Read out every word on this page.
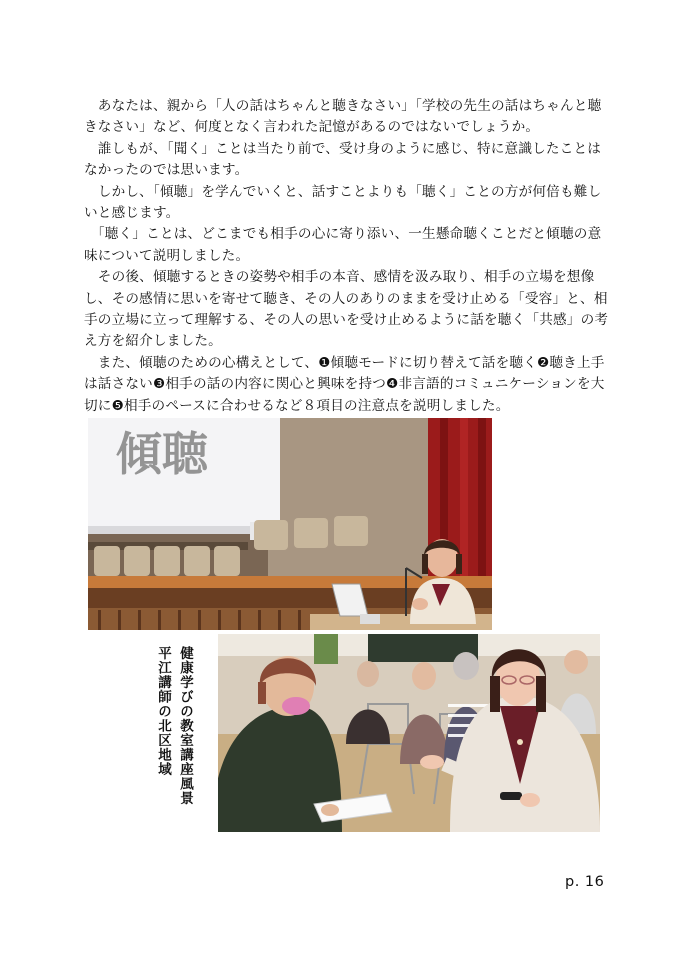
　あなたは、親から「人の話はちゃんと聴きなさい」「学校の先生の話はちゃんと聴きなさい」など、何度となく言われた記憶があるのではないでしょうか。

　誰しもが、「聞く」ことは当たり前で、受け身のように感じ、特に意識したことはなかったのでは思います。

　しかし、「傾聴」を学んでいくと、話すことよりも「聴く」ことの方が何倍も難しいと感じます。

　「聴く」ことは、どこまでも相手の心に寄り添い、一生懸命聴くことだと傾聴の意味について説明しました。

　その後、傾聴するときの姿勢や相手の本音、感情を汲み取り、相手の立場を想像し、その感情に思いを寄せて聴き、その人のありのままを受け止める「受容」と、相手の立場に立って理解する、その人の思いを受け止めるように話を聴く「共感」の考え方を紹介しました。

　また、傾聴のための心構えとして、❶傾聴モードに切り替えて話を聴く❷聴き上手は話さない❸相手の話の内容に関心と興味を持つ❹非言語的コミュニケーションを大切に❺相手のペースに合わせるなど８項目の注意点を説明しました。

傾聴
健康学びの教室講座風景
平江講師の北区地域
p. 16
